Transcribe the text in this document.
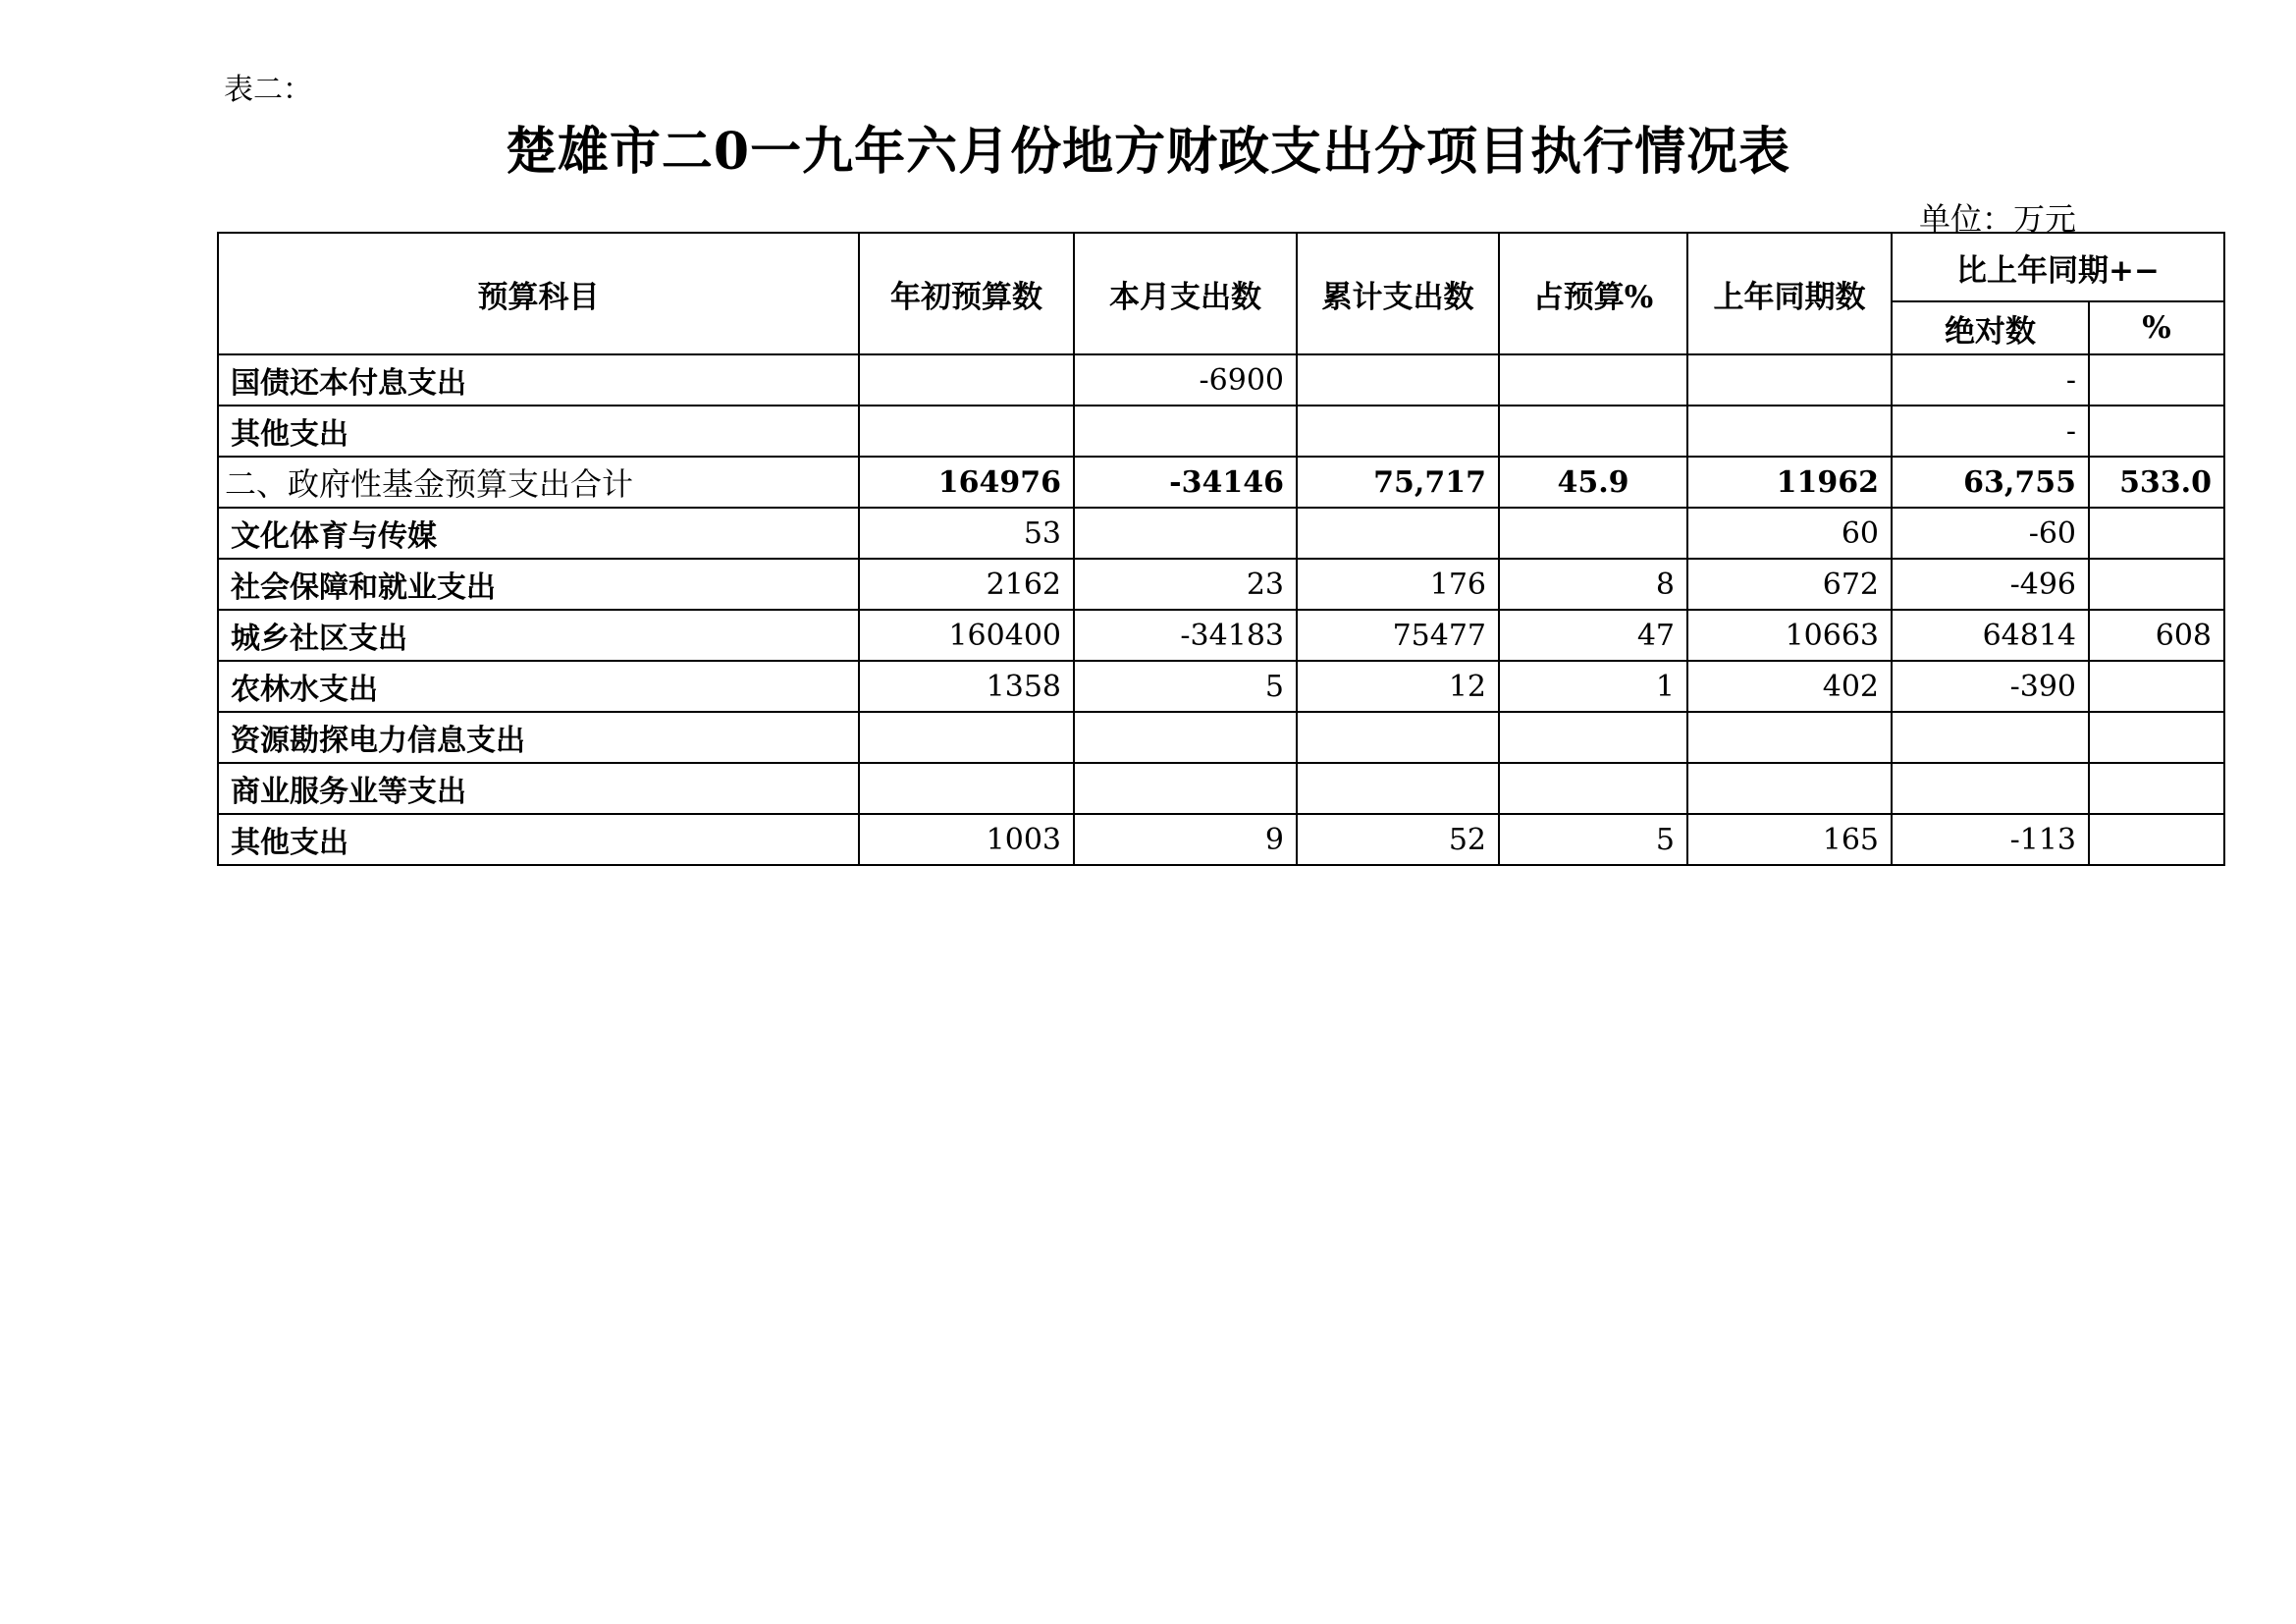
表二：
楚雄市二0一九年六月份地方财政支出分项目执行情况表
单位：万元
预算科目	年初预算数	本月支出数	累计支出数	占预算%	上年同期数	比上年同期+−	
						绝对数	%
国债还本付息支出		-6900				-	
其他支出						-	
二、政府性基金预算支出合计	164976	-34146	75,717	45.9	11962	63,755	533.0
文化体育与传媒	53				60	-60	
社会保障和就业支出	2162	23	176	8	672	-496	
城乡社区支出	160400	-34183	75477	47	10663	64814	608
农林水支出	1358	5	12	1	402	-390	
资源勘探电力信息支出							
商业服务业等支出							
其他支出	1003	9	52	5	165	-113	
